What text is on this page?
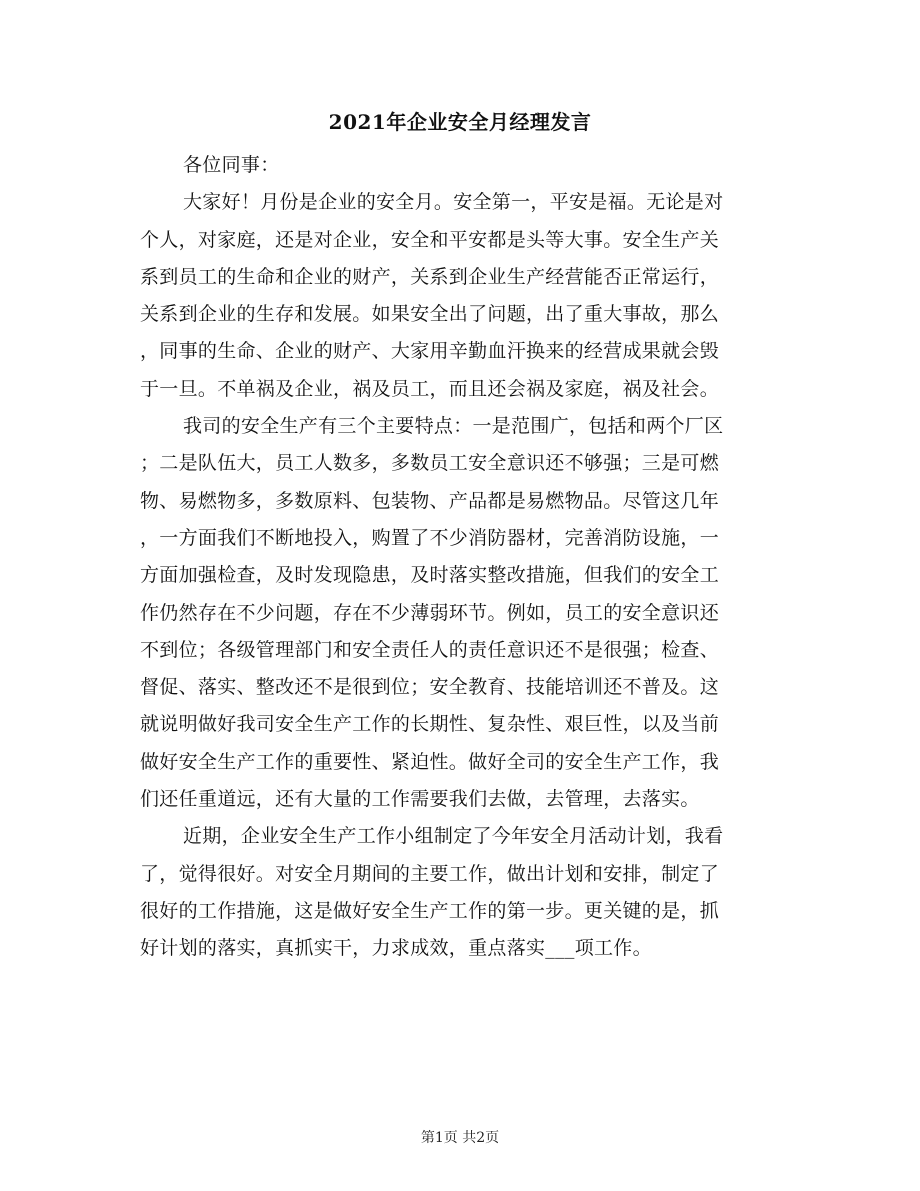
2021年企业安全月经理发言
各位同事：
大家好！月份是企业的安全月。安全第一，平安是福。无论是对
个人，对家庭，还是对企业，安全和平安都是头等大事。安全生产关
系到员工的生命和企业的财产，关系到企业生产经营能否正常运行，
关系到企业的生存和发展。如果安全出了问题，出了重大事故，那么
，同事的生命、企业的财产、大家用辛勤血汗换来的经营成果就会毁
于一旦。不单祸及企业，祸及员工，而且还会祸及家庭，祸及社会。
我司的安全生产有三个主要特点：一是范围广，包括和两个厂区
；二是队伍大，员工人数多，多数员工安全意识还不够强；三是可燃
物、易燃物多，多数原料、包装物、产品都是易燃物品。尽管这几年
，一方面我们不断地投入，购置了不少消防器材，完善消防设施，一
方面加强检查，及时发现隐患，及时落实整改措施，但我们的安全工
作仍然存在不少问题，存在不少薄弱环节。例如，员工的安全意识还
不到位；各级管理部门和安全责任人的责任意识还不是很强；检查、
督促、落实、整改还不是很到位；安全教育、技能培训还不普及。这
就说明做好我司安全生产工作的长期性、复杂性、艰巨性，以及当前
做好安全生产工作的重要性、紧迫性。做好全司的安全生产工作，我
们还任重道远，还有大量的工作需要我们去做，去管理，去落实。
近期，企业安全生产工作小组制定了今年安全月活动计划，我看
了，觉得很好。对安全月期间的主要工作，做出计划和安排，制定了
很好的工作措施，这是做好安全生产工作的第一步。更关键的是，抓
好计划的落实，真抓实干，力求成效，重点落实___项工作。
第1页 共2页
